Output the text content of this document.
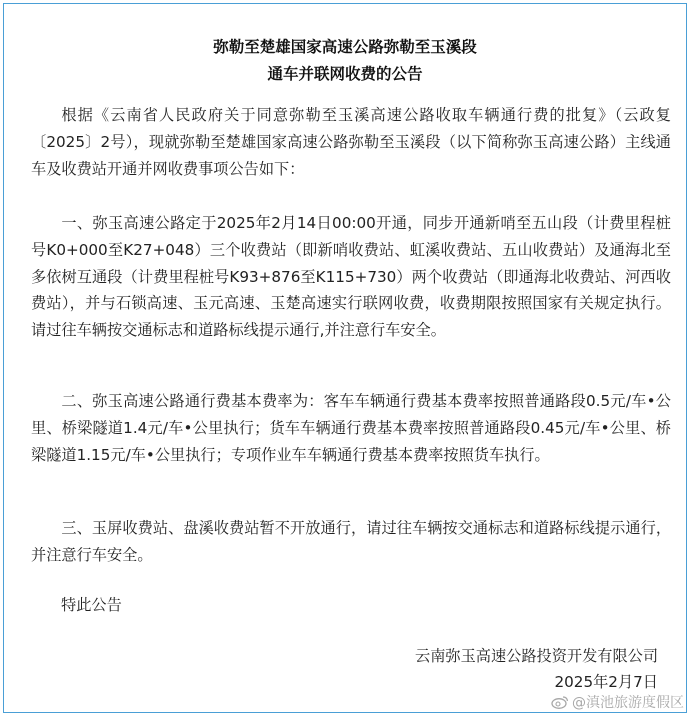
弥勒至楚雄国家高速公路弥勒至玉溪段
通车并联网收费的公告

根据《云南省人民政府关于同意弥勒至玉溪高速公路收取车辆通行费的批复》（云政复〔2025〕2号），现就弥勒至楚雄国家高速公路弥勒至玉溪段（以下简称弥玉高速公路）主线通车及收费站开通并网收费事项公告如下：

一、弥玉高速公路定于2025年2月14日00:00开通，同步开通新哨至五山段（计费里程桩号K0+000至K27+048）三个收费站（即新哨收费站、虹溪收费站、五山收费站）及通海北至多依树互通段（计费里程桩号K93+876至K115+730）两个收费站（即通海北收费站、河西收费站），并与石锁高速、玉元高速、玉楚高速实行联网收费，收费期限按照国家有关规定执行。请过往车辆按交通标志和道路标线提示通行,并注意行车安全。

二、弥玉高速公路通行费基本费率为：客车车辆通行费基本费率按照普通路段0.5元/车•公里、桥梁隧道1.4元/车•公里执行；货车车辆通行费基本费率按照普通路段0.45元/车•公里、桥梁隧道1.15元/车•公里执行；专项作业车车辆通行费基本费率按照货车执行。

三、玉屏收费站、盘溪收费站暂不开放通行，请过往车辆按交通标志和道路标线提示通行，并注意行车安全。

特此公告
云南弥玉高速公路投资开发有限公司
2025年2月7日
@滇池旅游度假区
